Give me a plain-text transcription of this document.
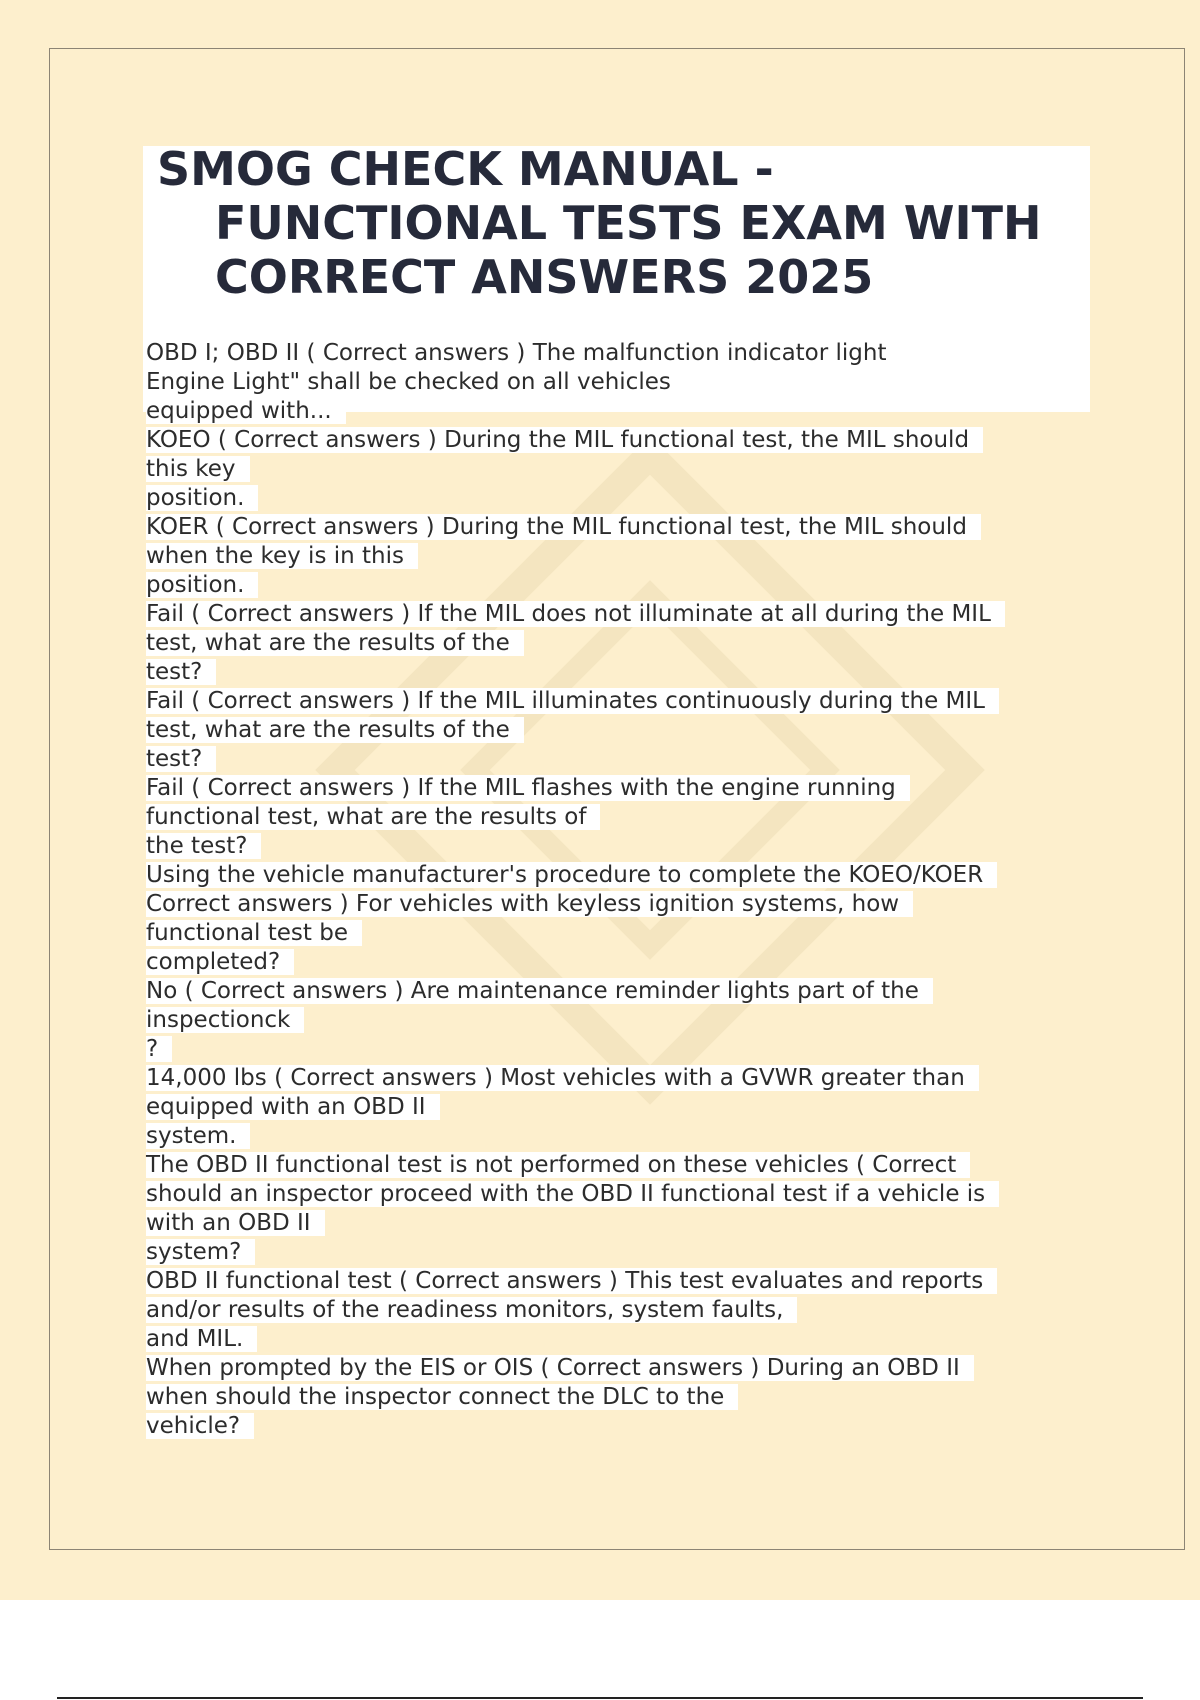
SMOG CHECK MANUAL -
FUNCTIONAL TESTS EXAM WITH
CORRECT ANSWERS 2025
OBD I; OBD II ( Correct answers ) The malfunction indicator light
Engine Light" shall be checked on all vehicles
equipped with...
KOEO ( Correct answers ) During the MIL functional test, the MIL should
this key
position.
KOER ( Correct answers ) During the MIL functional test, the MIL should
when the key is in this
position.
Fail ( Correct answers ) If the MIL does not illuminate at all during the MIL
test, what are the results of the
test?
Fail ( Correct answers ) If the MIL illuminates continuously during the MIL
test, what are the results of the
test?
Fail ( Correct answers ) If the MIL flashes with the engine running
functional test, what are the results of
the test?
Using the vehicle manufacturer's procedure to complete the KOEO/KOER
Correct answers ) For vehicles with keyless ignition systems, how
functional test be
completed?
No ( Correct answers ) Are maintenance reminder lights part of the
inspectionck
?
14,000 lbs ( Correct answers ) Most vehicles with a GVWR greater than
equipped with an OBD II
system.
The OBD II functional test is not performed on these vehicles ( Correct
should an inspector proceed with the OBD II functional test if a vehicle is
with an OBD II
system?
OBD II functional test ( Correct answers ) This test evaluates and reports
and/or results of the readiness monitors, system faults,
and MIL.
When prompted by the EIS or OIS ( Correct answers ) During an OBD II
when should the inspector connect the DLC to the
vehicle?
